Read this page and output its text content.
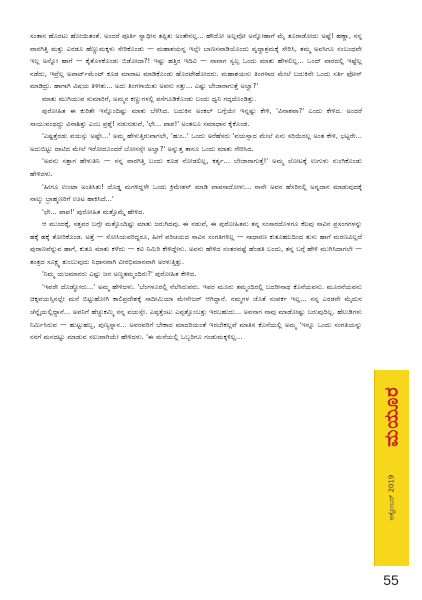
ಸಂತಾನ ಹೊರಟು ಹೋಯಿತಂತೆ. ಅಂದರೆ ಪೂರ್ತಿ ಸ್ವಾಧೀನ ತಪ್ಪಿತು ಅಂತೇನಲ್ಲ... ಹೌದೋ ಅಲ್ಲವೋ ಅನ್ನೋಹಾಗೆ ಮೈ ತೂರಾಡೋದು ಅಷ್ಟೆ! ಹಣ್ಣಾ, ನನ್ನ ವಾರಗಿತ್ತಿ ಮತ್ತು ಎರಡೂ ಹೆಣ್ಣುಮಕ್ಕಳು ಸೇರಿಕೊಂಡು — ಮಹಾಶಯನ್ನ ಇಲ್ಲೇ ಬಾಣಸವಾಡಿಯೊಂದು ವೃದ್ಧಾಶ್ರಮಕ್ಕೆ ಸೇರಿಸಿ, ತಮ್ಮ ಅವಸಿಗೂ ಸಂಬಂಧವೇ ಇಲ್ಲ ಅನ್ನೋ ಹಾಗೆ — ಕೈತೊಳಕೊಂಡು ಬಿಡೋದಾ?! ಇಷ್ಟು ಹತ್ತಿರ ಇದಿವಿ — ನಾವಾಗ ಸ್ವಲ್ಪ ಒಂದು ಮಾತು ಹೇಳಲಿಲ್ಲ... ಒಂದ್ ವಾರದಲ್ಲಿ ಇಷ್ಟೆಲ್ಲ ನಡೆದು, ಇವ್ರೆಲ್ಲ ಅಪಾರ್ಟ್‌ಮೆಂಟ್ ಕೂಡ ಮಾರಾಟ ಮಾಡಿಕೊಂಡು ಹೊರಟೇಹೋದರು. ಮಹಾಶಯನು ತಿಂಗಳಾದ ಮೇಲೆ ಬದುಕಿನೇ ಒಂದು ಸರ್ತಿ ಫೋನ್ ಮಾಡಿದ್ರು. ಹಾಗಾಗಿ ವಿಷಯ ತಿಳೀತು... ಅದು ತಿಂಗಳಾಯಿತು ಅವನು ಸತ್ತು... ಎಷ್ಟು ಬೇಜಾರಾಗುತ್ತೆ ಅಲ್ವಾ?'

ಮಾತು ಮುಗಿಯುವ ಸುಮಾರಿಗೆ, ಅಮ್ಮನ ಕಣ್ಣುಗಳಲ್ಲಿ ಪಸೆಗೂಡಿಕೊಂಡು ಬಂದು ಧ್ವನಿ ಗದ್ಗದೊಂಡಿತ್ತು.

ಪುರೋಹಿತ ಈ ಕುರಿತೇ ಇನ್ನೊಂದಿಷ್ಟು ಮಾತು ಬೆಳೆಸಿದ. ಬದುಕಿನ ಅಂಕಲ್ ಬಗ್ಗೆಯೇ ಇನ್ನಷ್ಟು ಕೇಳಿ, 'ವಿನಾಶವಾ?' ಎಂದು ಕೇಳಿದ. ಅಂದರೆ ಸಾಯುವಂಥದ್ದು ವಿನಾಶಿತ್ತು ಎಂಬ ಪ್ರಶ್ನೆ! ನಡುನಡುವೆ, 'ಛೇ... ಪಾಪ!' ಅಂತಲೂ ಸಮಾಧಾನ ಕೈಕೊಂಡ.

'ಎಷ್ಟತ್ತೆರಡು ವಯಸ್ಸು ಅಷ್ಟೇ...' ಅಮ್ಮ ಹೇಳುತ್ತಿರುವಾಗಲೇ, 'ಹುಂ..' ಒಂದು ಅರೆಹೆಸರು 'ವಯಸ್ಸಾದ ಮೇಲೆ ಏನು ಸರಿಯಿರಲ್ಲ ಅಂತ ಕೇಳಿ, ಭಟ್ಟರೇ... ಅದುಬಿಟ್ಟು ದಾಟಿದ ಮೇಲೆ ಇರೋದೂಂದರೆ ಬೋನಸ್ಸೇ ಅಲ್ವಾ?' ಅನ್ನುತ್ತ ತಾನೂ ಒಂದು ಮಾತು ಸೇರಿಸಿದ.

'ಅವನು ಸತ್ತಾಗ ಹೇಳುತಿನಿ — ನನ್ನ ವಾರಗಿತ್ತಿ ಬಂದು ಕೂಡ ನೋಡಲಿಲ್ಲ, ಕರ್ತೃ... ಬೇಜಾರಾಗುತ್ತೆ!' ಅಮ್ಮ ಲೋಟಕ್ಕೆ ಉಗುಳು ನುಂಗಿಕೊಂಡು ಹೇಳಿದಳು.

'ಹೀಗೂ ಉಂಟಾ ಅಂತಿಸಿತು! ದೊಡ್ಡ ಮಗಳಿದ್ದಳೇ ಒಂದು ಕ್ರಿಮೇಶನ್ ಮಾಡಿ ವಾಪಸಾದೋಳು... ನಾನೇ ಅವನ ಹೆಸರಿನಲ್ಲಿ ಅನ್ನದಾನ ಮಾಡುವುದಕ್ಕೆ ನಾಲ್ಕು ಬ್ರಾಹ್ಮಣರಿಗೆ ಊಟ ಹಾಕಿಸಿದೆ...'

'ಛೇ... ಪಾಪ!' ಪುರೋಹಿತ ಮತ್ತೊಮ್ಮೆ ಹೇಳಿದ.

ಆ ಮುಂದಕ್ಕೆ, ಸತ್ತವರ ಬಗ್ಗೇ ಮತ್ತೊಂದಿಷ್ಟು ಮಾತು ಜರುಗಿದವು. ಈ ನಡುವೆ, ಈ ಪುರೋಹಿತನು ತನ್ನ ಸಂಸಾರದೊಳಗೂ ಕೆಲವು ಸಾವಿನ ಪ್ರಸಂಗಗಳನ್ನು ಹಕ್ಕೆ ಹಕ್ಕೆ ತೋರಿಕೊಂಡ. ಅತ್ತೆ — ಸೋಸಿಯವರಿದ್ದರೂ, ಹೀಗೆ ಪರಿಚಯದ ಸಾವಿನ ಸಂಗತಿಗಳಿಲ್ಲ — ಸಾಧಾರಣ ಕುತೂಹಲದಿಂದ ತುಸು ಹಾಗೆ ಮರಣವಿಲ್ಲದೆ ಪುರಾಣವೆನ್ನುವ ಹಾಗೆ, ಕುತೂ ಮಾತು ಕಳೆದು — ಕವಿ ನಿಮಿರಿ ಕೇಳಿದ್ದೇನು. ಅವನು ಹೇಳಿದ ನಂತರವಷ್ಟೆ ಹೆಂಡತಿ ಬಂದು, ತನ್ನ ಬಗ್ಗೆ ಹೇಳಿ ಮುಗಿಸಿದಾಗಲೇ — ತಂತ್ರದ ಸೂಕ್ಷ್ಮ ತುಂಬುವುದು ನಿಧಾನವಾಗಿ ವೀರಭಿಮಾನವಾಗಿ ಅರಳುತ್ತಿತ್ತು.

'ನಿಮ್ಮ ಯಜಮಾನರು ಎಷ್ಟು ಜನ ಅಣ್ಣತಮ್ಮಂದಿರು?' ಪುರೋಹಿತ ಕೇಳಿದ.

'ಇವರೇ ದೊಡ್ಡೋರು...' ಅಮ್ಮ ಹೇಳಿದಳು. 'ಬೆಂಗಳೂರಲ್ಲಿ ನೆಲೆಸಿರುವರು. ಇವರ ಮೂರು ತಮ್ಮಂದಿರಲ್ಲಿ ಬದರೀನಾಥ ಕೊನೆಯವನು. ಮೂರನೆಯವನು ಚಿಕ್ಕವಯಸ್ಸಿನಲ್ಲೇ ಮನೆ ಬಿಟ್ಟುಹೋಗಿ ಕಾಲಿಪ್ರದೇಶಕ್ಕೆ ಸಾದೀಮಿಯಾ ಮೇನೇಜರ್ ಆಗಿದ್ದಾನೆ. ನಮ್ಮಗಳ ಜೊತೆ ಸಂಪರ್ಕ ಇಲ್ಲ... ನನ್ನ ಎರಡನೇ ಮೈದುನ ಚೆನ್ನೈಯಲ್ಲಿದ್ದಾನೆ... ಅವನಿಗೆ ಹೆಚ್ಚುಕಮ್ಮಿ ನನ್ನ ವಯಸ್ಸೇ. ಎಪ್ಪತ್ತೆಂಟು ಎಪ್ಪತ್ತೊಂಬತ್ತು ಇರಬಹುದು... ಅವನಾಗ ನಾವು ಮಾಡೋಷ್ಟು ಬರುವುದಿಲ್ಲ. ಹೆಲುಡಿಗಳು ನಿರ್ಮಿಸಿರುವ — ಹುಟ್ಟುಹಬ್ಬ, ಪುಣ್ಯಸ್ನಾನ... ಅವರವರಿಗೆ ಬೇಕಾದ ಮಾದರಿಯಂತೆ ಇರಬೇಕಲ್ಲವೆ ಮಾತಿನ ಕೊನೆಯಲ್ಲಿ ಅಮ್ಮ 'ಇನ್ನೂ ಒಂದು ಸಂಗತಿಯನ್ನು ನನಗೆ ಮನದಟ್ಟು ಮಾಡುವ ಸಲುವಾಗಿಯೇ ಹೇಳಿದಳು. 'ಈ ಮನೆಯಲ್ಲಿ ಒಬ್ಬರಿಗೂ ಗಂಡುಮಕ್ಕಳಿಲ್ಲ...

ಮಯೂರ
ಅಕ್ಟೋಬರ್ 2019
55
